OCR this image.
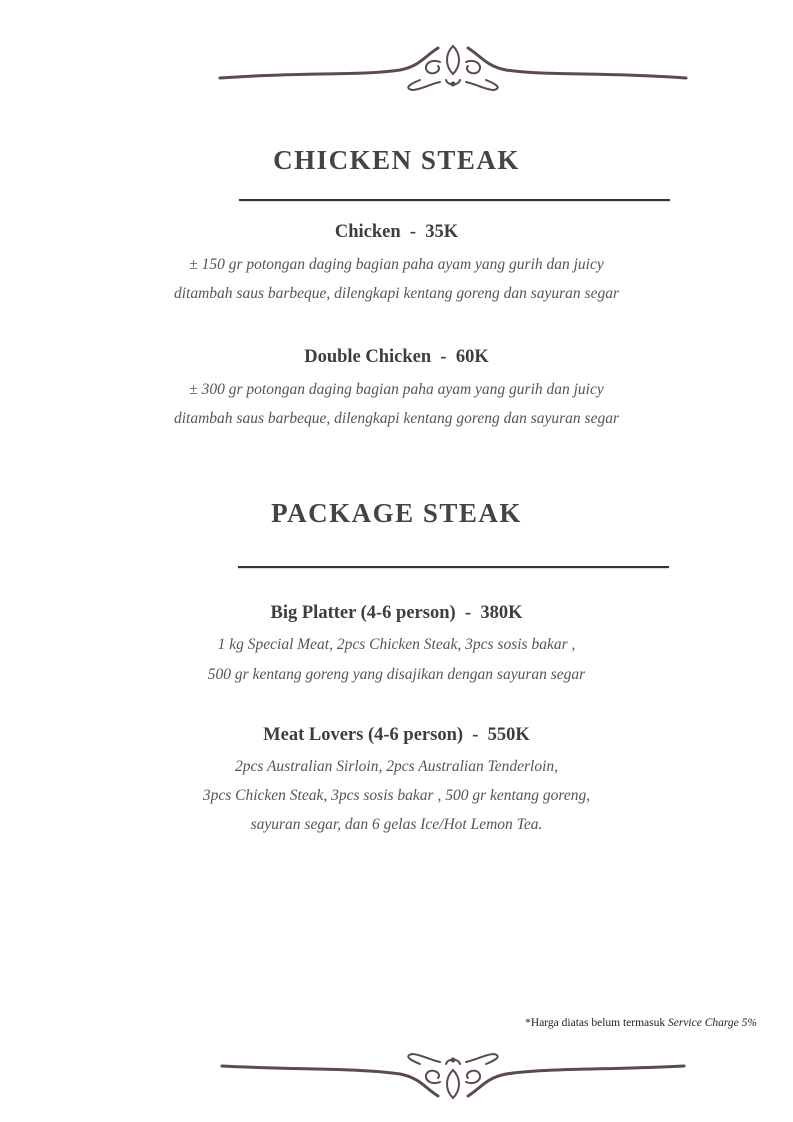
CHICKEN STEAK
Chicken  -  35K
± 150 gr potongan daging bagian paha ayam yang gurih dan juicy
ditambah saus barbeque, dilengkapi kentang goreng dan sayuran segar
Double Chicken  -  60K
± 300 gr potongan daging bagian paha ayam yang gurih dan juicy
ditambah saus barbeque, dilengkapi kentang goreng dan sayuran segar
PACKAGE STEAK
Big Platter (4-6 person)  -  380K
1 kg Special Meat, 2pcs Chicken Steak, 3pcs sosis bakar ,
500 gr kentang goreng yang disajikan dengan sayuran segar
Meat Lovers (4-6 person)  -  550K
2pcs Australian Sirloin, 2pcs Australian Tenderloin,
3pcs Chicken Steak, 3pcs sosis bakar , 500 gr kentang goreng,
sayuran segar, dan 6 gelas Ice/Hot Lemon Tea.
*Harga diatas belum termasuk Service Charge 5%
